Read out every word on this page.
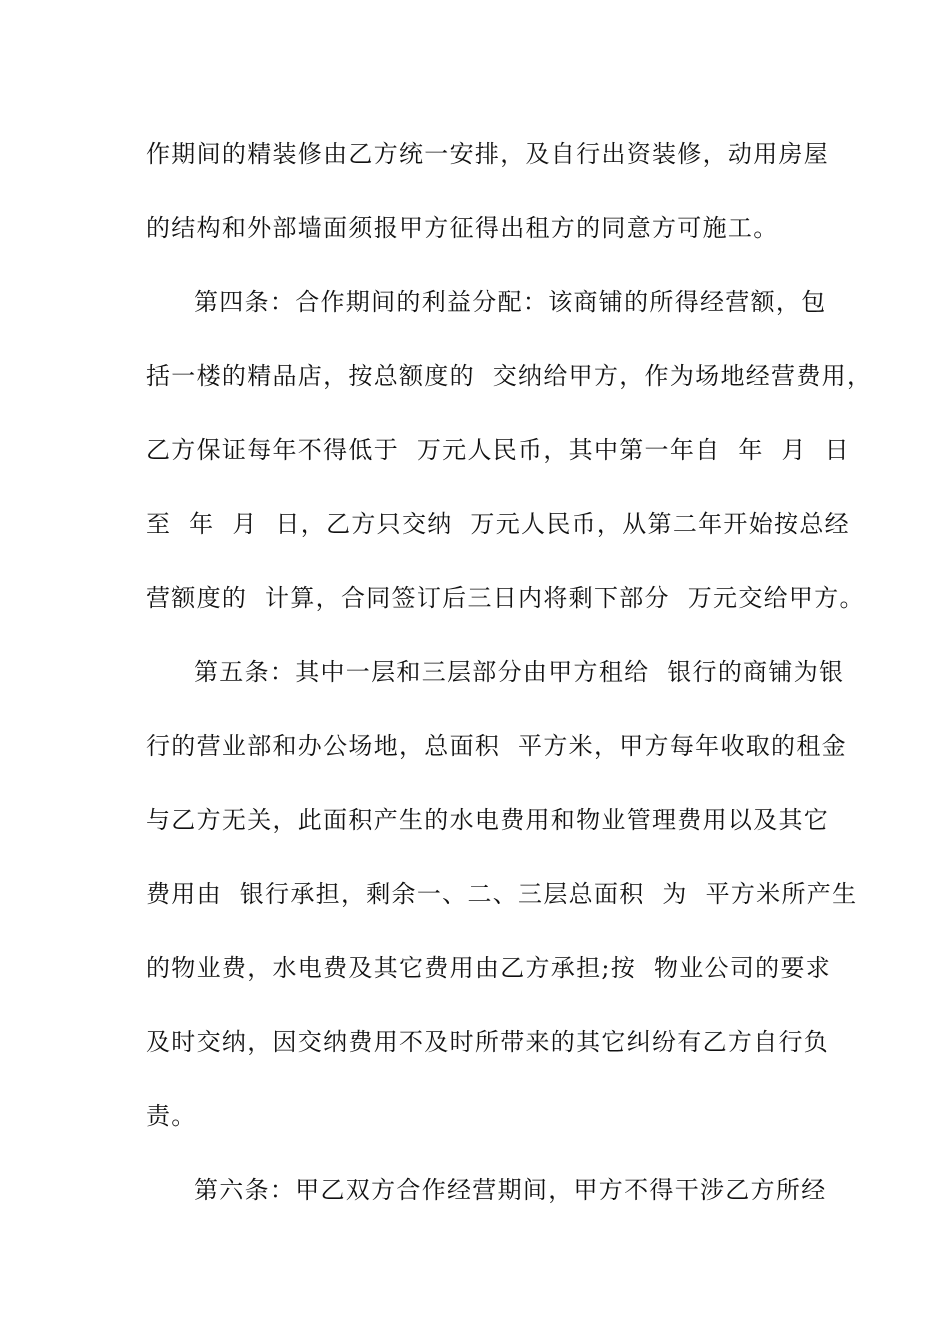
作期间的精装修由乙方统一安排，及自行出资装修，动用房屋
的结构和外部墙面须报甲方征得出租方的同意方可施工。
第四条：合作期间的利益分配：该商铺的所得经营额，包
括一楼的精品店，按总额度的  交纳给甲方，作为场地经营费用，
乙方保证每年不得低于  万元人民币，其中第一年自  年  月  日
至  年  月  日，乙方只交纳  万元人民币，从第二年开始按总经
营额度的  计算，合同签订后三日内将剩下部分  万元交给甲方。
第五条：其中一层和三层部分由甲方租给  银行的商铺为银
行的营业部和办公场地，总面积  平方米，甲方每年收取的租金
与乙方无关，此面积产生的水电费用和物业管理费用以及其它
费用由  银行承担，剩余一、二、三层总面积  为  平方米所产生
的物业费，水电费及其它费用由乙方承担;按  物业公司的要求
及时交纳，因交纳费用不及时所带来的其它纠纷有乙方自行负
责。
第六条：甲乙双方合作经营期间，甲方不得干涉乙方所经
